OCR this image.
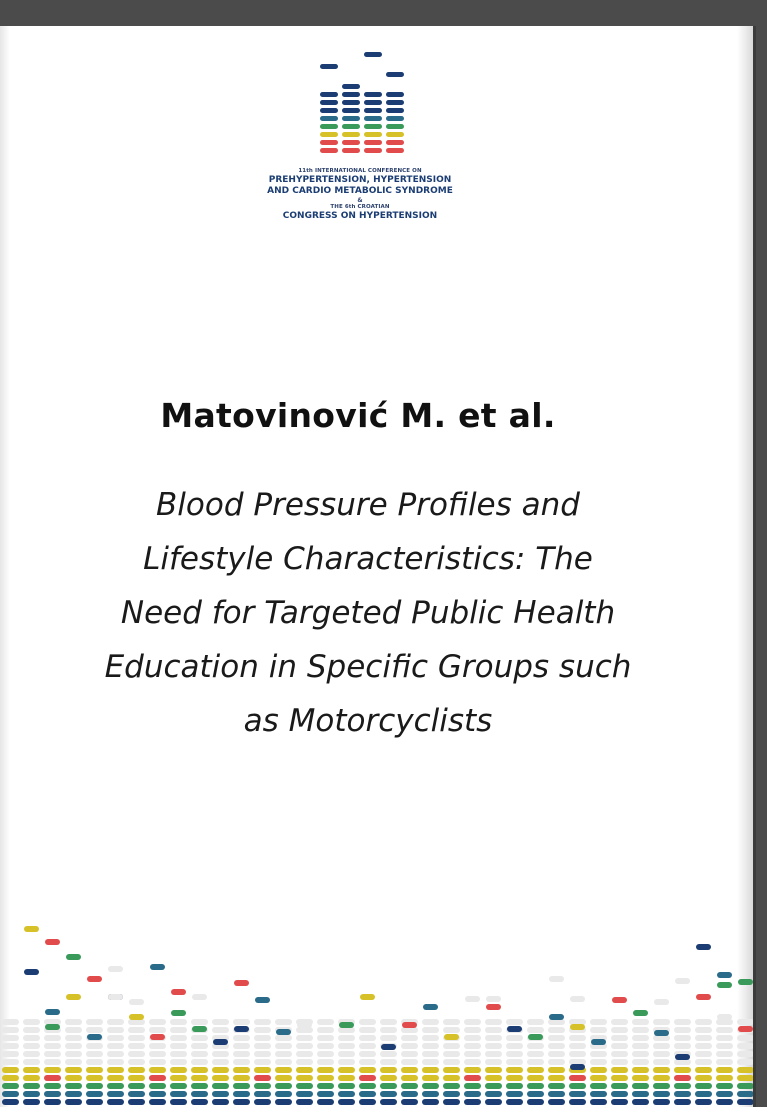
11th INTERNATIONAL CONFERENCE ON
PREHYPERTENSION, HYPERTENSION
AND CARDIO METABOLIC SYNDROME
&
THE 6th CROATIAN
CONGRESS ON HYPERTENSION
Matovinović M. et al.
Blood Pressure Profiles and
Lifestyle Characteristics: The
Need for Targeted Public Health
Education in Specific Groups such
as Motorcyclists
